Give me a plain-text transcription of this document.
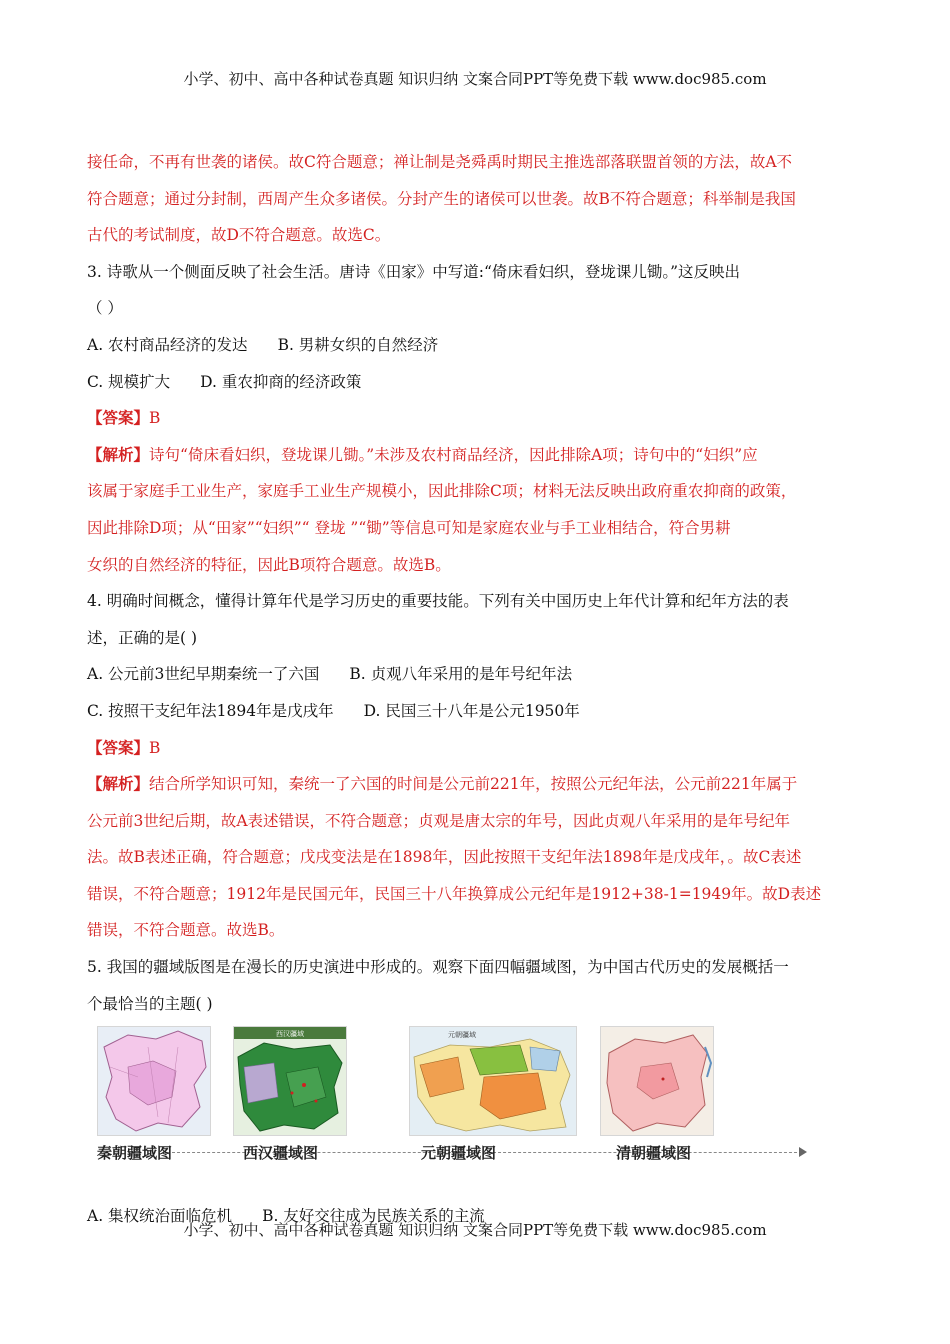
小学、初中、高中各种试卷真题 知识归纳 文案合同PPT等免费下载 www.doc985.com
接任命，不再有世袭的诸侯。故C符合题意；禅让制是尧舜禹时期民主推选部落联盟首领的方法，故A不
符合题意；通过分封制，西周产生众多诸侯。分封产生的诸侯可以世袭。故B不符合题意；科举制是我国
古代的考试制度，故D不符合题意。故选C。
3. 诗歌从一个侧面反映了社会生活。唐诗《田家》中写道:“倚床看妇织，登垅课儿锄。”这反映出
（ ）
A. 农村商品经济的发达 B. 男耕女织的自然经济
C. 规模扩大 D. 重农抑商的经济政策
【答案】B
【解析】诗句“倚床看妇织，登垅课儿锄。”未涉及农村商品经济，因此排除A项；诗句中的“妇织”应
该属于家庭手工业生产，家庭手工业生产规模小，因此排除C项；材料无法反映出政府重农抑商的政策，
因此排除D项；从“田家”“妇织”“ 登垅 ”“锄”等信息可知是家庭农业与手工业相结合，符合男耕
女织的自然经济的特征，因此B项符合题意。故选B。
4. 明确时间概念，懂得计算年代是学习历史的重要技能。下列有关中国历史上年代计算和纪年方法的表
述，正确的是( )
A. 公元前3世纪早期秦统一了六国 B. 贞观八年采用的是年号纪年法
C. 按照干支纪年法1894年是戊戌年 D. 民国三十八年是公元1950年
【答案】B
【解析】结合所学知识可知，秦统一了六国的时间是公元前221年，按照公元纪年法，公元前221年属于
公元前3世纪后期，故A表述错误，不符合题意；贞观是唐太宗的年号，因此贞观八年采用的是年号纪年
法。故B表述正确，符合题意；戊戌变法是在1898年，因此按照干支纪年法1898年是戊戌年，。故C表述
错误，不符合题意；1912年是民国元年，民国三十八年换算成公元纪年是1912+38-1=1949年。故D表述
错误，不符合题意。故选B。
5. 我国的疆域版图是在漫长的历史演进中形成的。观察下面四幅疆域图，为中国古代历史的发展概括一
个最恰当的主题( )
秦朝疆域图
西汉疆域
西汉疆域图
元朝疆域
元朝疆域图	清朝疆域图
A. 集权统治面临危机 B. 友好交往成为民族关系的主流
小学、初中、高中各种试卷真题 知识归纳 文案合同PPT等免费下载 www.doc985.com
